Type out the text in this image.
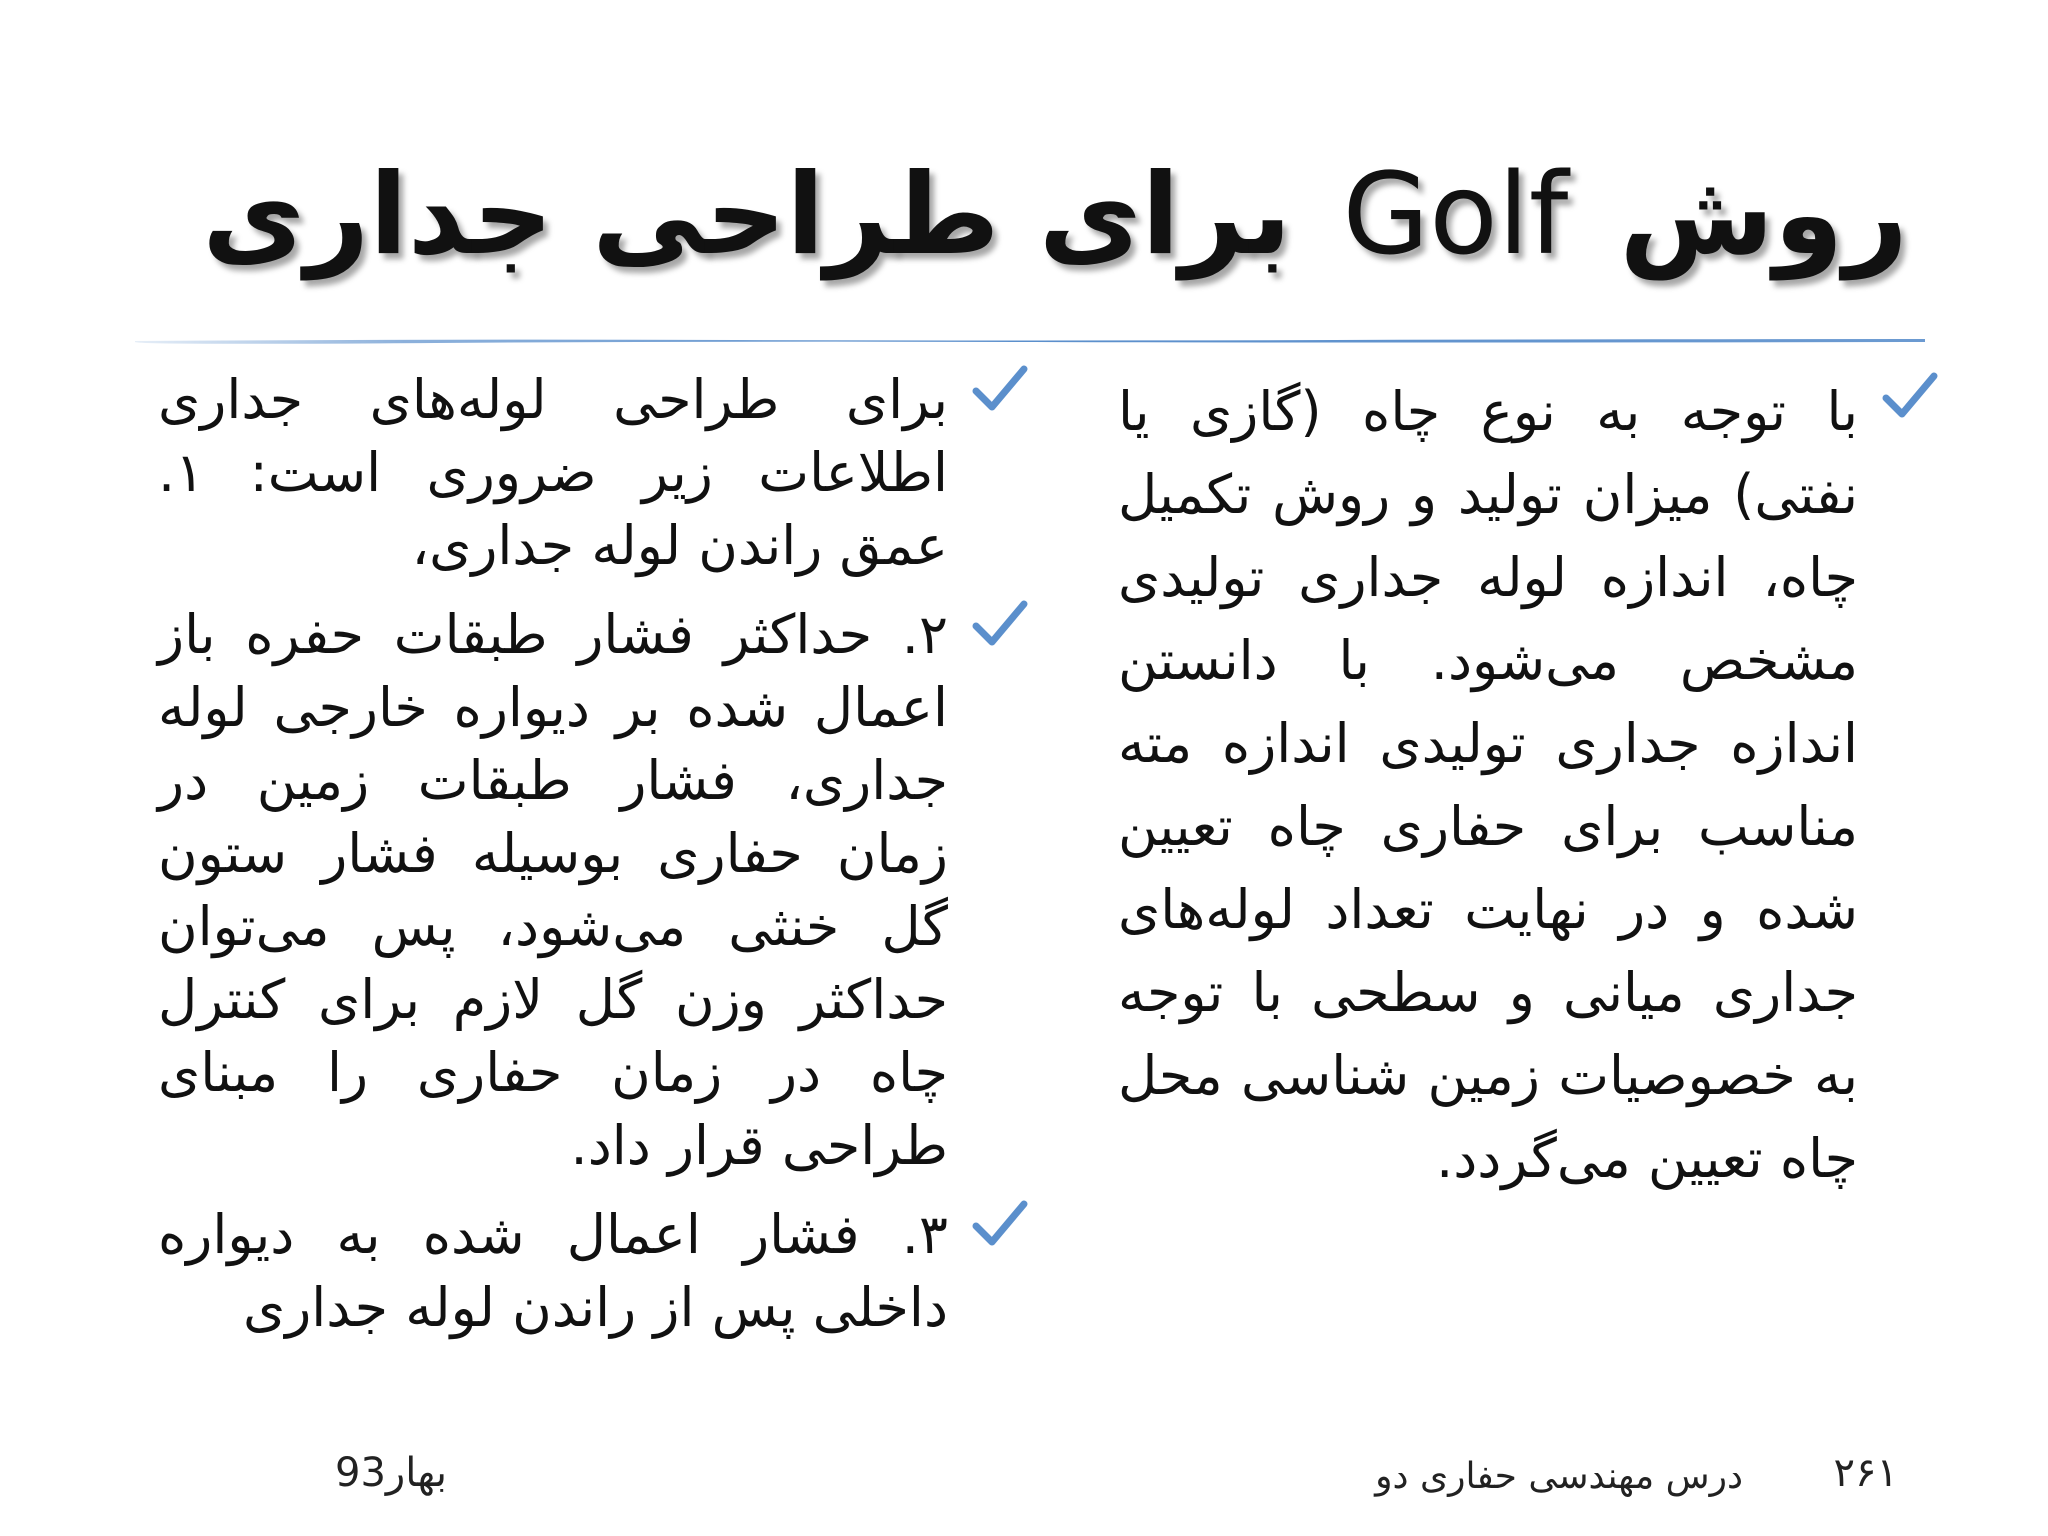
روش Golf برای طراحی جداری
با توجه به نوع چاه (گازی یا نفتی) میزان تولید و روش تکمیل چاه، اندازه لوله جداری تولیدی مشخص می‌شود. با دانستن اندازه جداری تولیدی اندازه مته مناسب برای حفاری چاه تعیین شده و در نهایت تعداد لوله‌های جداری میانی و سطحی با توجه به خصوصیات زمین شناسی محل چاه تعیین می‌گردد.
برای طراحی لوله‌های جداری اطلاعات زیر ضروری است: ۱. عمق راندن لوله جداری،
۲. حداکثر فشار طبقات حفره باز اعمال شده بر دیواره خارجی لوله جداری، فشار طبقات زمین در زمان حفاری بوسیله فشار ستون گل خنثی می‌شود، پس می‌توان حداکثر وزن گل لازم برای کنترل چاه در زمان حفاری را مبنای طراحی قرار داد.
۳. فشار اعمال شده به دیواره داخلی پس از راندن لوله جداری
۲۶۱
درس مهندسی حفاری دو
بهار93
